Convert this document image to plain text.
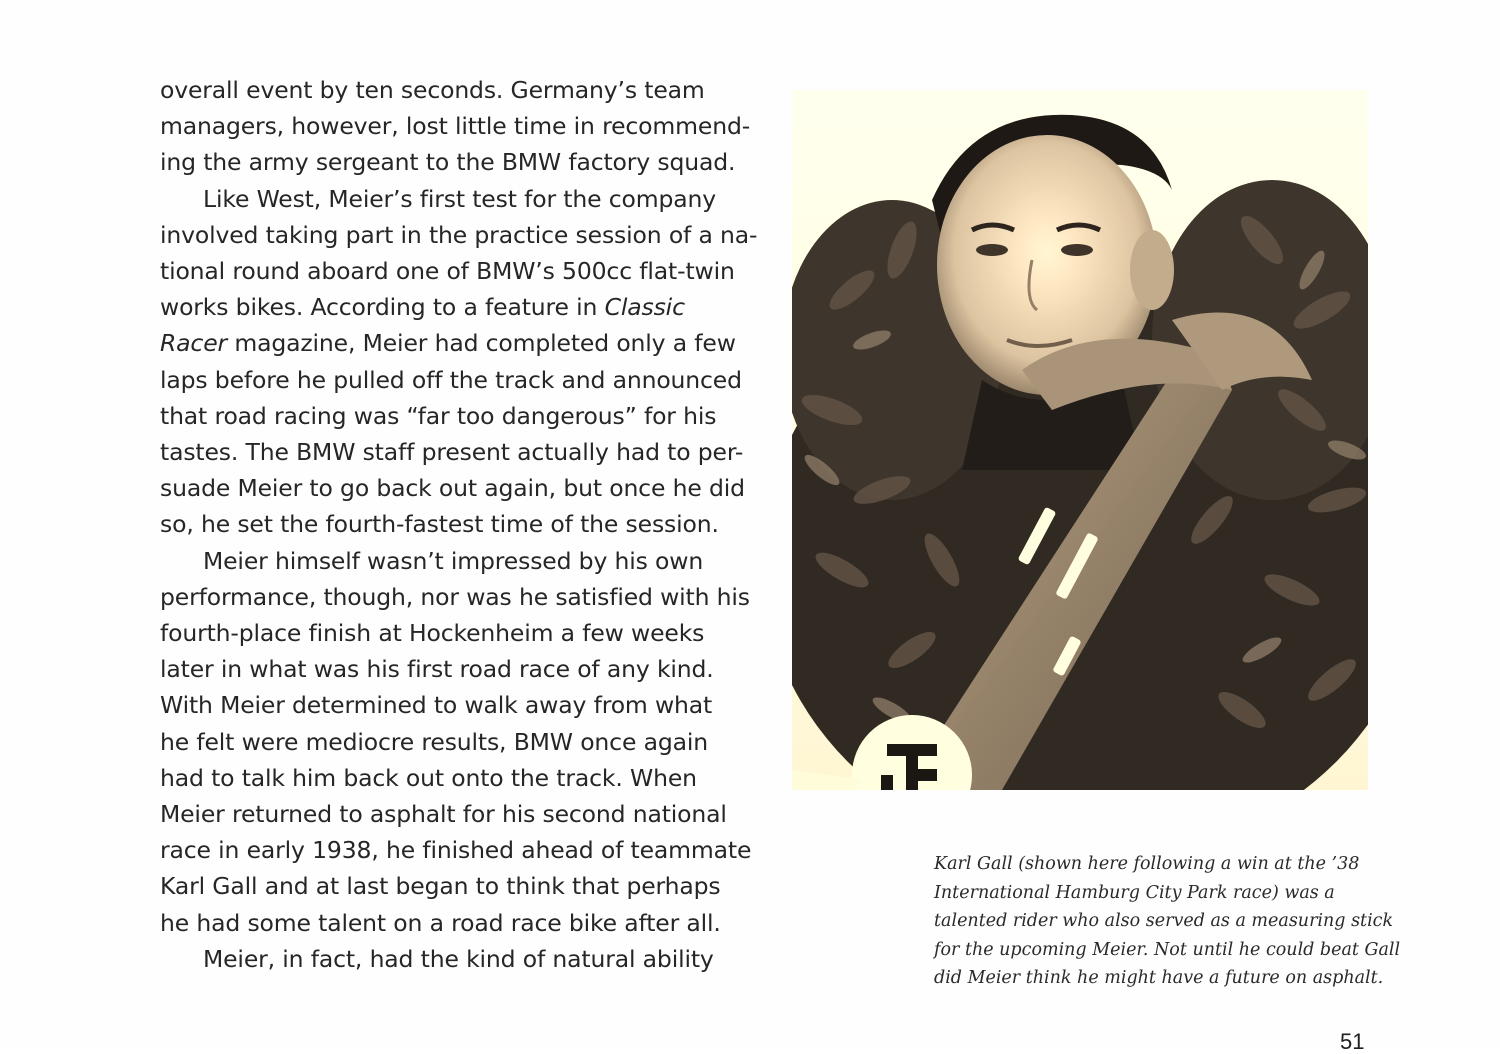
overall event by ten seconds. Germany’s team
managers, however, lost little time in recommend-
ing the army sergeant to the BMW factory squad.
Like West, Meier’s first test for the company
involved taking part in the practice session of a na-
tional round aboard one of BMW’s 500cc flat-twin
works bikes. According to a feature in Classic
Racer magazine, Meier had completed only a few
laps before he pulled off the track and announced
that road racing was “far too dangerous” for his
tastes. The BMW staff present actually had to per-
suade Meier to go back out again, but once he did
so, he set the fourth-fastest time of the session.
Meier himself wasn’t impressed by his own
performance, though, nor was he satisfied with his
fourth-place finish at Hockenheim a few weeks
later in what was his first road race of any kind.
With Meier determined to walk away from what
he felt were mediocre results, BMW once again
had to talk him back out onto the track. When
Meier returned to asphalt for his second national
race in early 1938, he finished ahead of teammate
Karl Gall and at last began to think that perhaps
he had some talent on a road race bike after all.
Meier, in fact, had the kind of natural ability
Karl Gall (shown here following a win at the ’38
International Hamburg City Park race) was a
talented rider who also served as a measuring stick
for the upcoming Meier. Not until he could beat Gall
did Meier think he might have a future on asphalt.
51
